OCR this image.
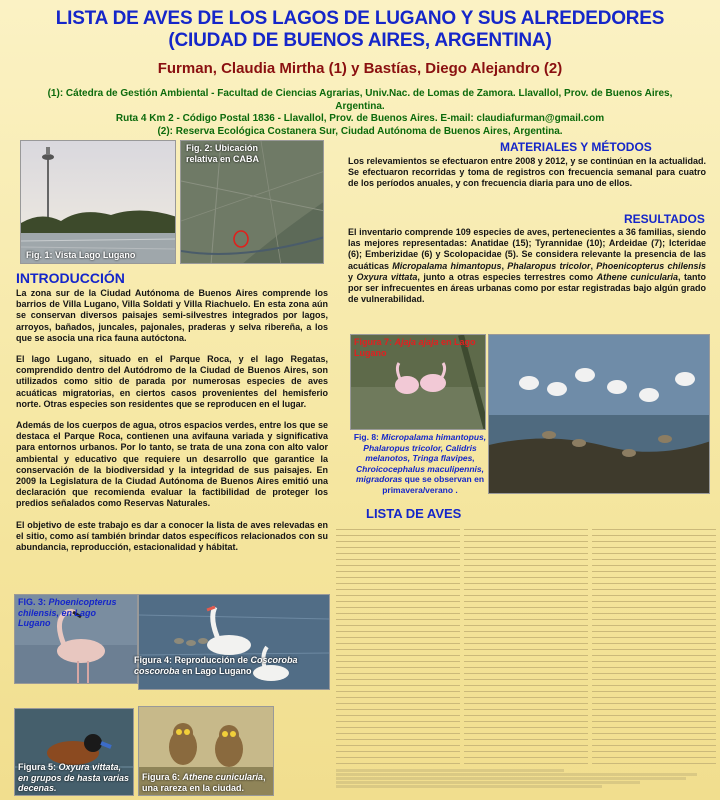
LISTA DE AVES DE LOS LAGOS DE LUGANO Y SUS ALREDEDORES
(CIUDAD DE BUENOS AIRES, ARGENTINA)
Furman, Claudia Mirtha (1) y Bastías, Diego Alejandro (2)
(1): Cátedra de Gestión Ambiental - Facultad de Ciencias Agrarias, Univ.Nac. de Lomas de Zamora. Llavallol, Prov. de Buenos Aires, Argentina.
Ruta 4 Km 2 - Código Postal 1836 - Llavallol, Prov. de Buenos Aires. E-mail: claudiafurman@gmail.com
(2): Reserva Ecológica Costanera Sur, Ciudad Autónoma de Buenos Aires, Argentina.
Fig. 1: Vista Lago Lugano
Fig. 2: Ubicación relativa en CABA
INTRODUCCIÓN

La zona sur de la Ciudad Autónoma de Buenos Aires comprende los barrios de Villa Lugano, Villa Soldati y Villa Riachuelo. En esta zona aún se conservan diversos paisajes semi-silvestres integrados por lagos, arroyos, bañados, juncales, pajonales, praderas y selva ribereña, a los que se asocia una rica fauna autóctona.

El lago Lugano, situado en el Parque Roca, y el lago Regatas, comprendido dentro del Autódromo de la Ciudad de Buenos Aires, son utilizados como sitio de parada por numerosas especies de aves acuáticas migratorias, en ciertos casos provenientes del hemisferio norte. Otras especies son residentes que se reproducen en el lugar.

Además de los cuerpos de agua, otros espacios verdes, entre los que se destaca el Parque Roca, contienen una avifauna variada y significativa para entornos urbanos. Por lo tanto, se trata de una zona con alto valor ambiental y educativo que requiere un desarrollo que garantice la conservación de la biodiversidad y la integridad de sus paisajes. En 2009 la Legislatura de la Ciudad Autónoma de Buenos Aires emitió una declaración que recomienda evaluar la factibilidad de proteger los predios señalados como Reservas Naturales.

El objetivo de este trabajo es dar a conocer la lista de aves relevadas en el sitio, como así también brindar datos específicos relacionados con su abundancia, reproducción, estacionalidad y hábitat.

FIG. 3: Phoenicopterus chilensis, en Lago Lugano
Figura 4: Reproducción de Coscoroba coscoroba en Lago Lugano
Figura 5: Oxyura vittata, en grupos de hasta varias decenas.
Figura 6: Athene cunicularia, una rareza en la ciudad.
MATERIALES Y MÉTODOS
Los relevamientos se efectuaron entre 2008 y 2012, y se continúan en la actualidad. Se efectuaron recorridas y toma de registros con frecuencia semanal para cuatro de los períodos anuales, y con frecuencia diaria para uno de ellos.
RESULTADOS
El inventario comprende 109 especies de aves, pertenecientes a 36 familias, siendo las mejores representadas: Anatidae (15); Tyrannidae (10); Ardeidae (7); Icteridae (6); Emberizidae (6) y Scolopacidae (5). Se considera relevante la presencia de las acuáticas Micropalama himantopus, Phalaropus tricolor, Phoenicopterus chilensis y Oxyura vittata, junto a otras especies terrestres como Athene cunicularia, tanto por ser infrecuentes en áreas urbanas como por estar registradas bajo algún grado de vulnerabilidad.
Figura 7: Ajaja ajaja en Lago Lugano
Fig. 8: Micropalama himantopus, Phalaropus tricolor, Calidris melanotos, Tringa flavipes, Chroicocephalus maculipennis, migradoras que se observan en primavera/verano .
LISTA DE AVES
